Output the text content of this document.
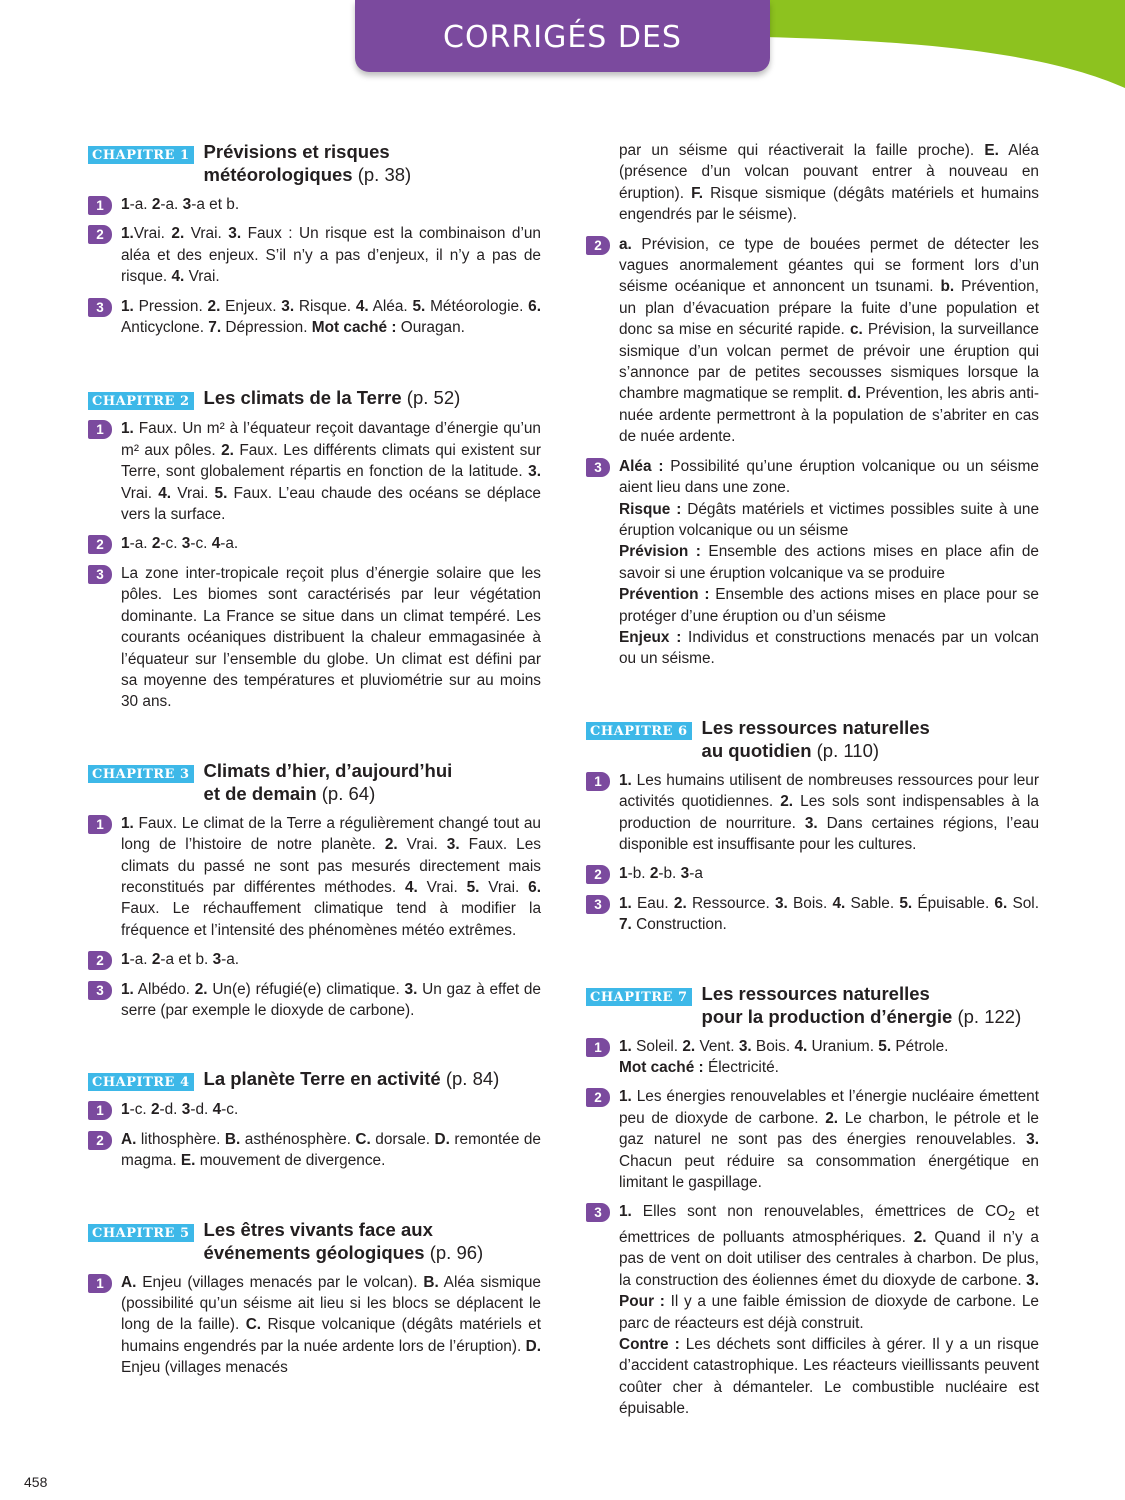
CORRIGÉS DES EXERCICES
CHAPITRE 1 Prévisions et risques
météorologiques (p. 38)
1	1-a. 2-a. 3-a et b.
2	1.Vrai. 2. Vrai. 3. Faux : Un risque est la combinaison d’un aléa et des enjeux. S’il n’y a pas d’enjeux, il n’y a pas de risque. 4. Vrai.
3	1. Pression. 2. Enjeux. 3. Risque. 4. Aléa. 5. Météorologie. 6. Anticyclone. 7. Dépression. Mot caché : Ouragan.
CHAPITRE 2 Les climats de la Terre (p. 52)
1	1. Faux. Un m² à l’équateur reçoit davantage d’énergie qu’un m² aux pôles. 2. Faux. Les différents climats qui existent sur Terre, sont globalement répartis en fonction de la latitude. 3. Vrai. 4. Vrai. 5. Faux. L’eau chaude des océans se déplace vers la surface.
2	1-a. 2-c. 3-c. 4-a.
3	La zone inter-tropicale reçoit plus d’énergie solaire que les pôles. Les biomes sont caractérisés par leur végétation dominante. La France se situe dans un climat tempéré. Les courants océaniques distribuent la chaleur emmagasinée à l’équateur sur l’ensemble du globe. Un climat est défini par sa moyenne des températures et pluviométrie sur au moins 30 ans.
CHAPITRE 3 Climats d’hier, d’aujourd’hui
et de demain (p. 64)
1	1. Faux. Le climat de la Terre a régulièrement changé tout au long de l’histoire de notre planète. 2. Vrai. 3. Faux. Les climats du passé ne sont pas mesurés directement mais reconstitués par différentes méthodes. 4. Vrai. 5. Vrai. 6. Faux. Le réchauffement climatique tend à modifier la fréquence et l’intensité des phénomènes météo extrêmes.
2	1-a. 2-a et b. 3-a.
3	1. Albédo. 2. Un(e) réfugié(e) climatique. 3. Un gaz à effet de serre (par exemple le dioxyde de carbone).
CHAPITRE 4 La planète Terre en activité (p. 84)
1	1-c. 2-d. 3-d. 4-c.
2	A. lithosphère. B. asthénosphère. C. dorsale. D. remontée de magma. E. mouvement de divergence.
CHAPITRE 5 Les êtres vivants face aux
événements géologiques (p. 96)
1	A. Enjeu (villages menacés par le volcan). B. Aléa sismique (possibilité qu’un séisme ait lieu si les blocs se déplacent le long de la faille). C. Risque volcanique (dégâts matériels et humains engendrés par la nuée ardente lors de l’éruption). D. Enjeu (villages menacés
par un séisme qui réactiverait la faille proche). E. Aléa (présence d’un volcan pouvant entrer à nouveau en éruption). F. Risque sismique (dégâts matériels et humains engendrés par le séisme).
2	a. Prévision, ce type de bouées permet de détecter les vagues anormalement géantes qui se forment lors d’un séisme océanique et annoncent un tsunami. b. Prévention, un plan d’évacuation prépare la fuite d’une population et donc sa mise en sécurité rapide. c. Prévision, la surveillance sismique d’un volcan permet de prévoir une éruption qui s’annonce par de petites secousses sismiques lorsque la chambre magmatique se remplit. d. Prévention, les abris anti-nuée ardente permettront à la population de s’abriter en cas de nuée ardente.
3	Aléa : Possibilité qu’une éruption volcanique ou un séisme aient lieu dans une zone.
Risque : Dégâts matériels et victimes possibles suite à une éruption volcanique ou un séisme
Prévision : Ensemble des actions mises en place afin de savoir si une éruption volcanique va se produire
Prévention : Ensemble des actions mises en place pour se protéger d’une éruption ou d’un séisme
Enjeux : Individus et constructions menacés par un volcan ou un séisme.
CHAPITRE 6 Les ressources naturelles
au quotidien (p. 110)
1	1. Les humains utilisent de nombreuses ressources pour leur activités quotidiennes. 2. Les sols sont indispensables à la production de nourriture. 3. Dans certaines régions, l’eau disponible est insuffisante pour les cultures.
2	1-b. 2-b. 3-a
3	1. Eau. 2. Ressource. 3. Bois. 4. Sable. 5. Épuisable. 6. Sol. 7. Construction.
CHAPITRE 7 Les ressources naturelles
pour la production d’énergie (p. 122)
1	1. Soleil. 2. Vent. 3. Bois. 4. Uranium. 5. Pétrole.
Mot caché : Électricité.
2	1. Les énergies renouvelables et l’énergie nucléaire émettent peu de dioxyde de carbone. 2. Le charbon, le pétrole et le gaz naturel ne sont pas des énergies renouvelables. 3. Chacun peut réduire sa consommation énergétique en limitant le gaspillage.
3	1. Elles sont non renouvelables, émettrices de $CO_2$ et émettrices de polluants atmosphériques. 2. Quand il n’y a pas de vent on doit utiliser des centrales à charbon. De plus, la construction des éoliennes émet du dioxyde de carbone. 3. Pour : Il y a une faible émission de dioxyde de carbone. Le parc de réacteurs est déjà construit.
Contre : Les déchets sont difficiles à gérer. Il y a un risque d’accident catastrophique. Les réacteurs vieillissants peuvent coûter cher à démanteler. Le combustible nucléaire est épuisable.
458
